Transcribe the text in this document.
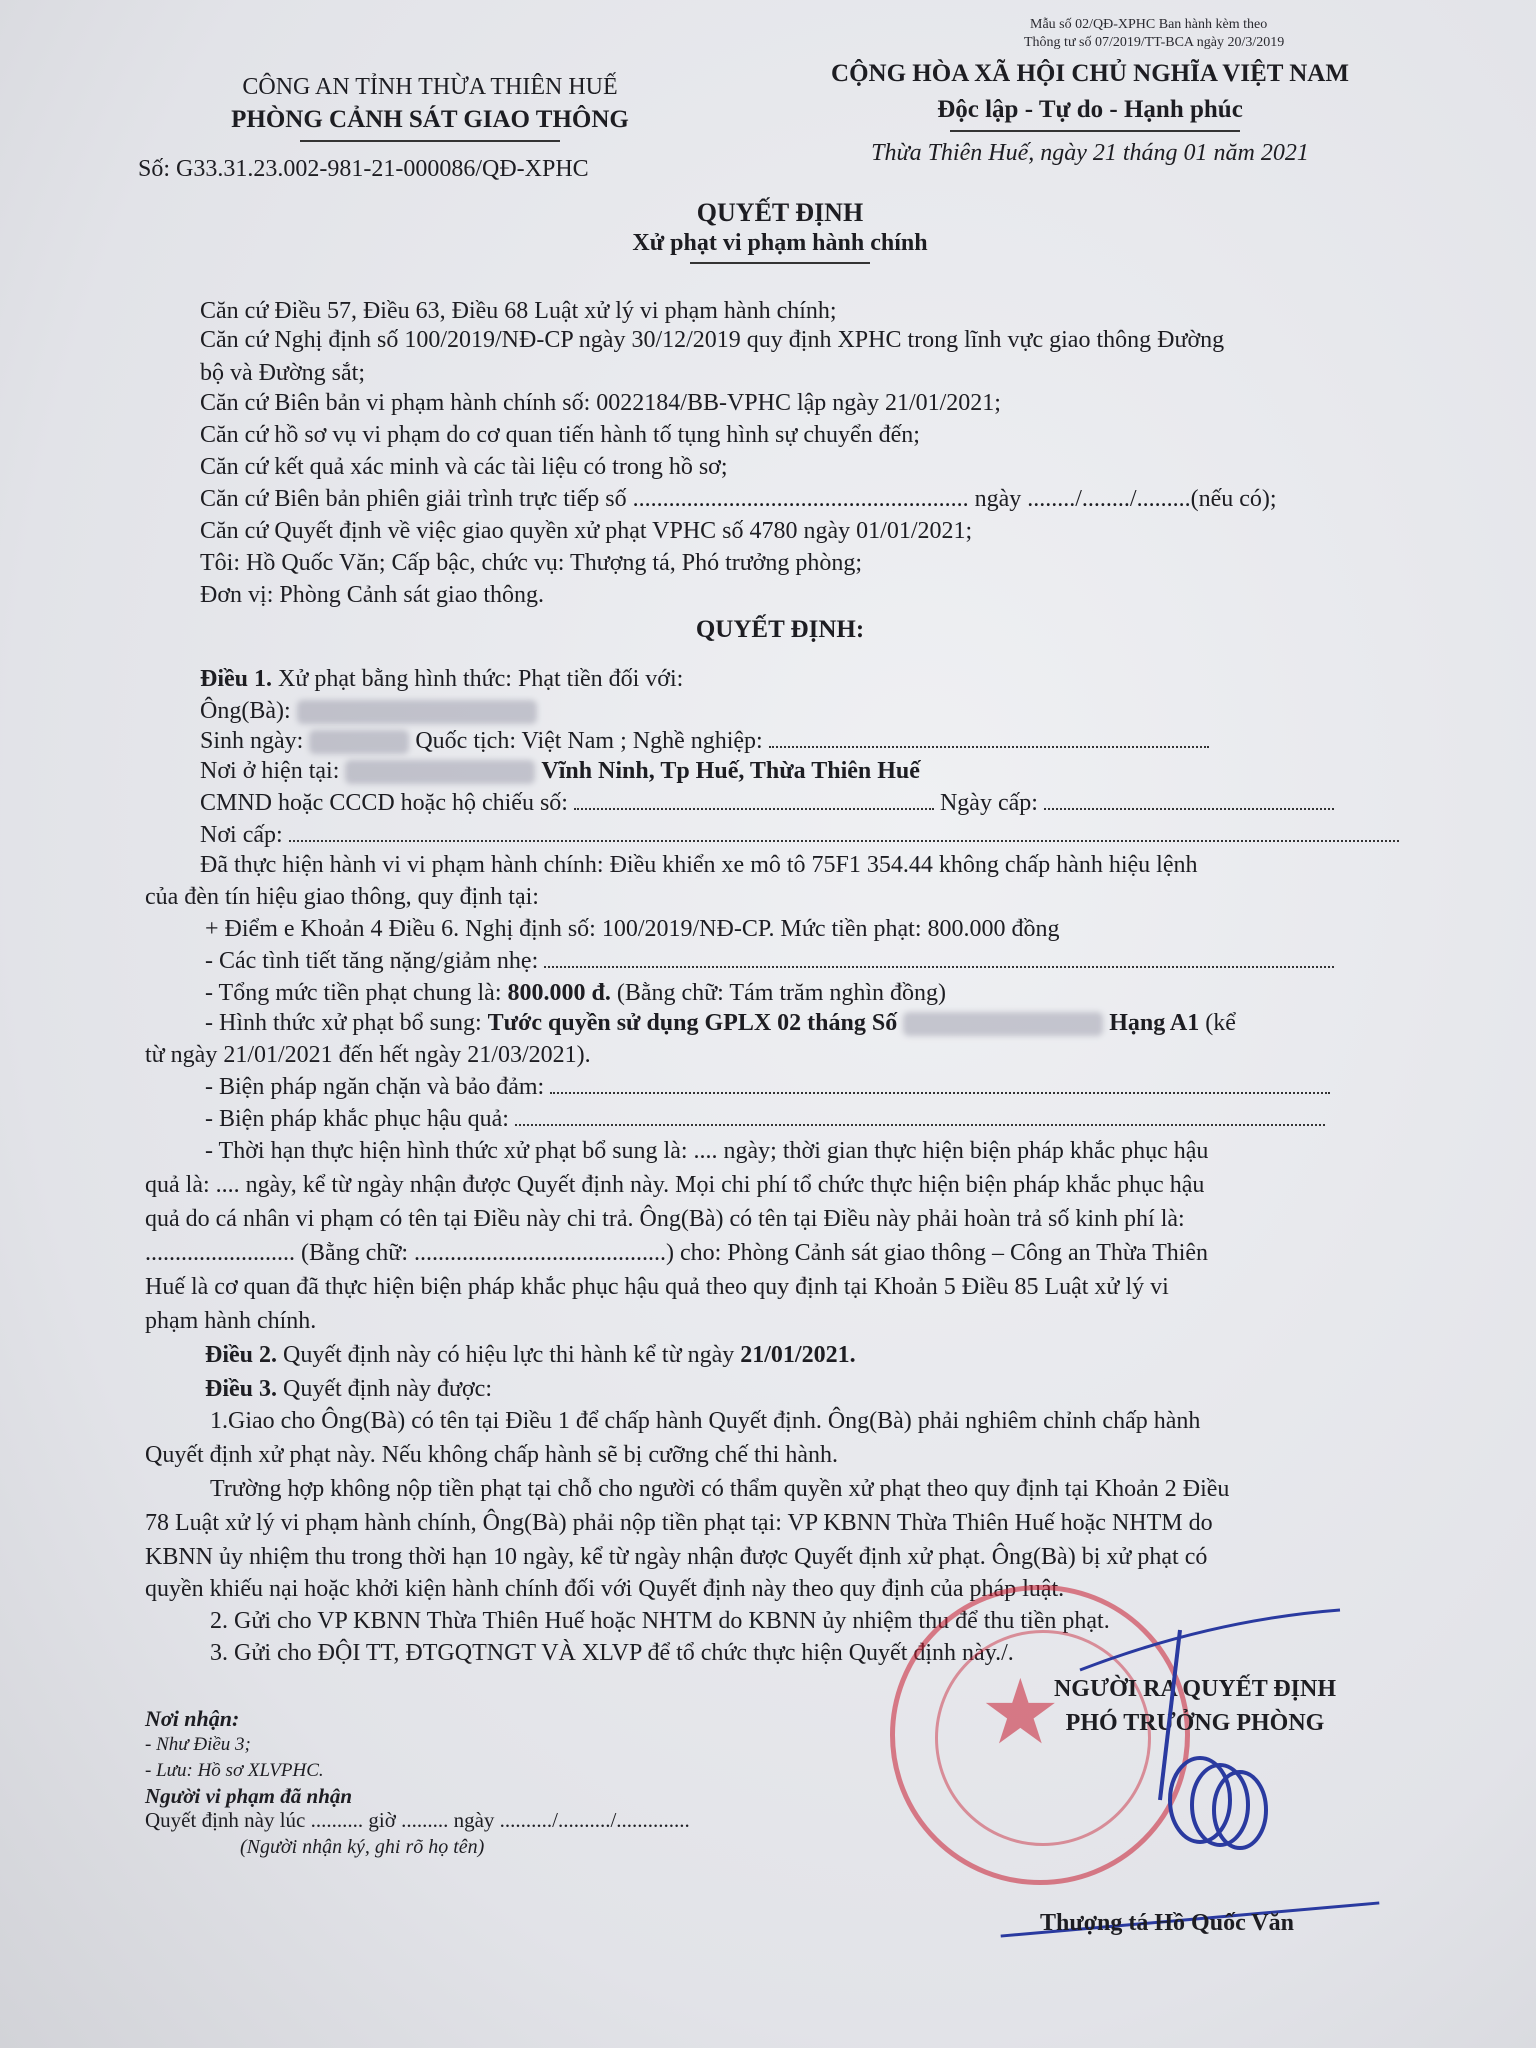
Mẫu số 02/QĐ-XPHC Ban hành kèm theo
Thông tư số 07/2019/TT-BCA ngày 20/3/2019
CÔNG AN TỈNH THỪA THIÊN HUẾ
PHÒNG CẢNH SÁT GIAO THÔNG
Số: G33.31.23.002-981-21-000086/QĐ-XPHC
CỘNG HÒA XÃ HỘI CHỦ NGHĨA VIỆT NAM
Độc lập - Tự do - Hạnh phúc
Thừa Thiên Huế, ngày 21 tháng 01 năm 2021
QUYẾT ĐỊNH
Xử phạt vi phạm hành chính
Căn cứ Điều 57, Điều 63, Điều 68 Luật xử lý vi phạm hành chính;
Căn cứ Nghị định số 100/2019/NĐ-CP ngày 30/12/2019 quy định XPHC trong lĩnh vực giao thông Đường
bộ và Đường sắt;
Căn cứ Biên bản vi phạm hành chính số: 0022184/BB-VPHC lập ngày 21/01/2021;
Căn cứ hồ sơ vụ vi phạm do cơ quan tiến hành tố tụng hình sự chuyển đến;
Căn cứ kết quả xác minh và các tài liệu có trong hồ sơ;
Căn cứ Biên bản phiên giải trình trực tiếp số ........................................................ ngày ......../......../.........(nếu có);
Căn cứ Quyết định về việc giao quyền xử phạt VPHC số 4780 ngày 01/01/2021;
Tôi: Hồ Quốc Văn; Cấp bậc, chức vụ: Thượng tá, Phó trưởng phòng;
Đơn vị: Phòng Cảnh sát giao thông.
QUYẾT ĐỊNH:
Điều 1. Xử phạt bằng hình thức: Phạt tiền đối với:
Ông(Bà):
Sinh ngày:	Quốc tịch: Việt Nam ; Nghề nghiệp:
Nơi ở hiện tại:	Vĩnh Ninh, Tp Huế, Thừa Thiên Huế
CMND hoặc CCCD hoặc hộ chiếu số:	Ngày cấp:
Nơi cấp:
Đã thực hiện hành vi vi phạm hành chính: Điều khiển xe mô tô 75F1 354.44 không chấp hành hiệu lệnh
của đèn tín hiệu giao thông, quy định tại:
+ Điểm e Khoản 4 Điều 6. Nghị định số: 100/2019/NĐ-CP. Mức tiền phạt: 800.000 đồng
- Các tình tiết tăng nặng/giảm nhẹ:
- Tổng mức tiền phạt chung là: 800.000 đ. (Bằng chữ: Tám trăm nghìn đồng)
- Hình thức xử phạt bổ sung: Tước quyền sử dụng GPLX 02 tháng Số	Hạng A1 (kể
từ ngày 21/01/2021 đến hết ngày 21/03/2021).
- Biện pháp ngăn chặn và bảo đảm:
- Biện pháp khắc phục hậu quả:
- Thời hạn thực hiện hình thức xử phạt bổ sung là: .... ngày; thời gian thực hiện biện pháp khắc phục hậu
quả là: .... ngày, kể từ ngày nhận được Quyết định này. Mọi chi phí tổ chức thực hiện biện pháp khắc phục hậu
quả do cá nhân vi phạm có tên tại Điều này chi trả. Ông(Bà) có tên tại Điều này phải hoàn trả số kinh phí là:
......................... (Bằng chữ: ..........................................) cho: Phòng Cảnh sát giao thông – Công an Thừa Thiên
Huế là cơ quan đã thực hiện biện pháp khắc phục hậu quả theo quy định tại Khoản 5 Điều 85 Luật xử lý vi
phạm hành chính.
Điều 2. Quyết định này có hiệu lực thi hành kể từ ngày 21/01/2021.
Điều 3. Quyết định này được:
1.Giao cho Ông(Bà) có tên tại Điều 1 để chấp hành Quyết định. Ông(Bà) phải nghiêm chỉnh chấp hành
Quyết định xử phạt này. Nếu không chấp hành sẽ bị cưỡng chế thi hành.
Trường hợp không nộp tiền phạt tại chỗ cho người có thẩm quyền xử phạt theo quy định tại Khoản 2 Điều
78 Luật xử lý vi phạm hành chính, Ông(Bà) phải nộp tiền phạt tại: VP KBNN Thừa Thiên Huế hoặc NHTM do
KBNN ủy nhiệm thu trong thời hạn 10 ngày, kể từ ngày nhận được Quyết định xử phạt. Ông(Bà) bị xử phạt có
quyền khiếu nại hoặc khởi kiện hành chính đối với Quyết định này theo quy định của pháp luật.
2. Gửi cho VP KBNN Thừa Thiên Huế hoặc NHTM do KBNN ủy nhiệm thu để thu tiền phạt.
3. Gửi cho ĐỘI TT, ĐTGQTNGT VÀ XLVP để tổ chức thực hiện Quyết định này./.
★
NGƯỜI RA QUYẾT ĐỊNH
PHÓ TRƯỞNG PHÒNG
Thượng tá Hồ Quốc Văn
Nơi nhận:
- Như Điều 3;
- Lưu: Hồ sơ XLVPHC.
Người vi phạm đã nhận
Quyết định này lúc .......... giờ ......... ngày ........../........../..............
(Người nhận ký, ghi rõ họ tên)
